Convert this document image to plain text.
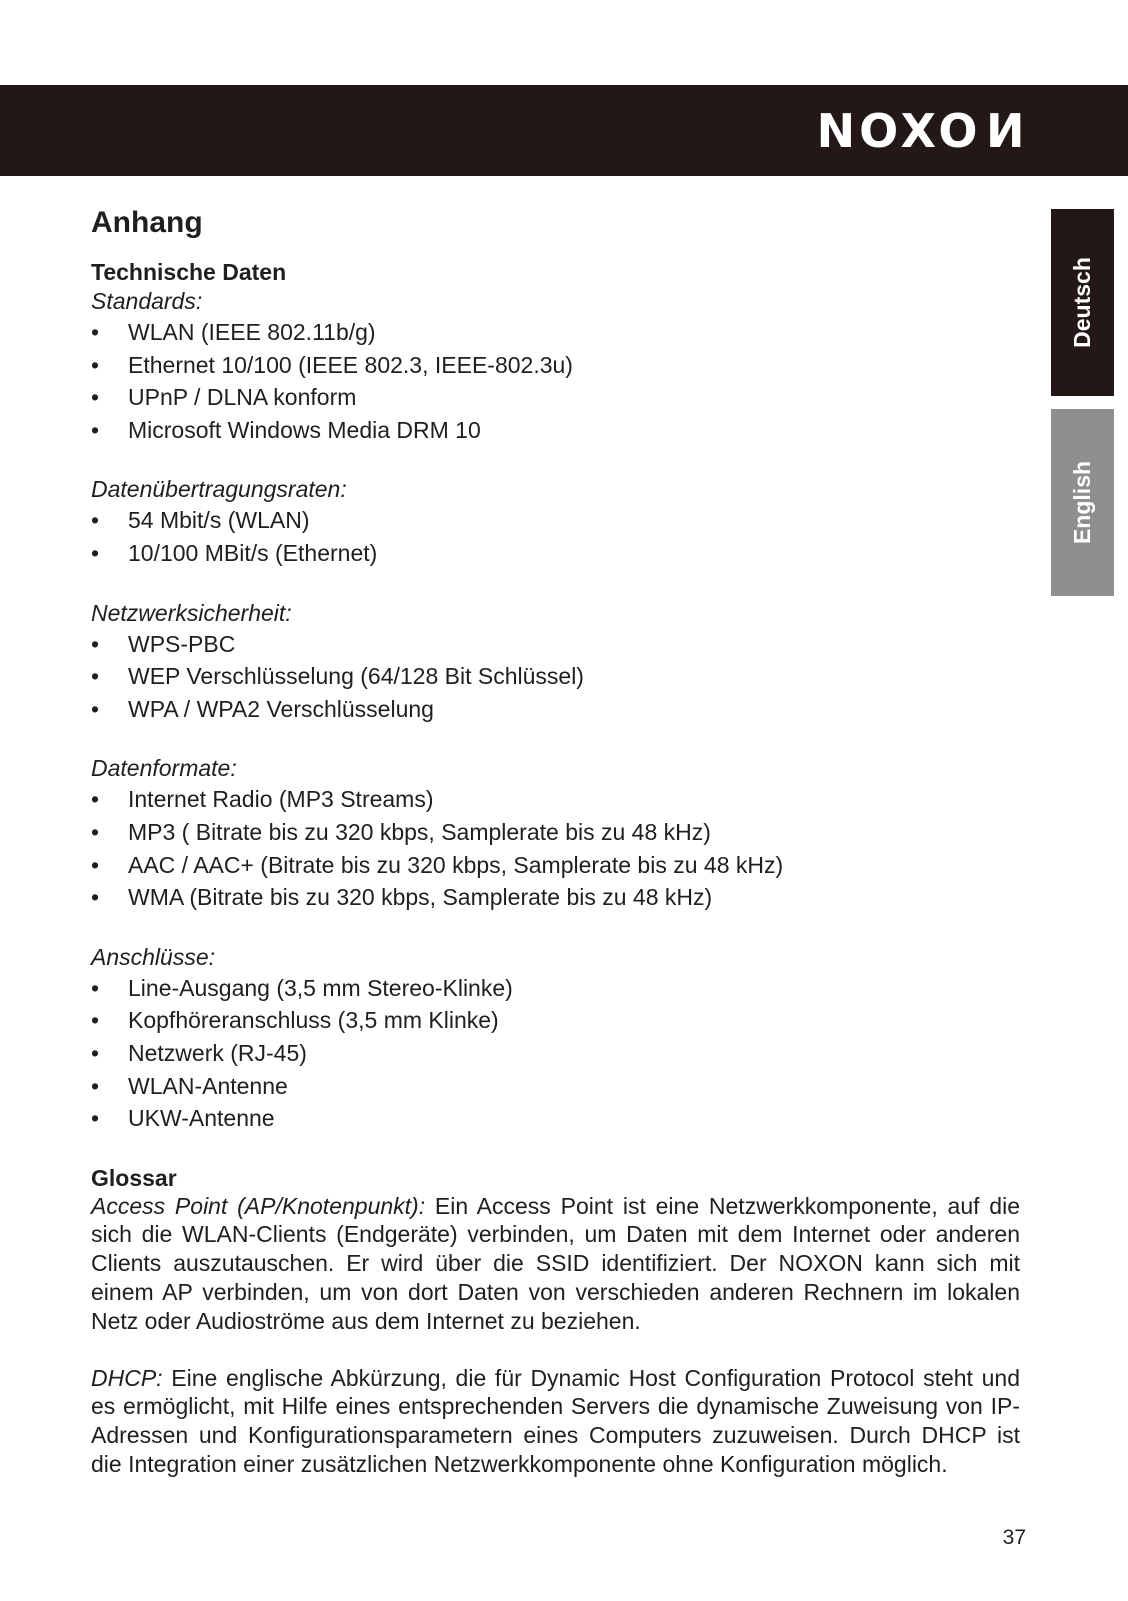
NOXON
Deutsch
English
Anhang
Technische Daten
Standards:
• WLAN (IEEE 802.11b/g)
• Ethernet 10/100 (IEEE 802.3, IEEE-802.3u)
• UPnP / DLNA konform
• Microsoft Windows Media DRM 10
Datenübertragungsraten:
• 54 Mbit/s (WLAN)
• 10/100 MBit/s (Ethernet)
Netzwerksicherheit:
• WPS-PBC
• WEP Verschlüsselung (64/128 Bit Schlüssel)
• WPA / WPA2 Verschlüsselung
Datenformate:
• Internet Radio (MP3 Streams)
• MP3 ( Bitrate bis zu 320 kbps, Samplerate bis zu 48 kHz)
• AAC / AAC+ (Bitrate bis zu 320 kbps, Samplerate bis zu 48 kHz)
• WMA (Bitrate bis zu 320 kbps, Samplerate bis zu 48 kHz)
Anschlüsse:
• Line-Ausgang (3,5 mm Stereo-Klinke)
• Kopfhöreranschluss (3,5 mm Klinke)
• Netzwerk (RJ-45)
• WLAN-Antenne
• UKW-Antenne
Glossar

Access Point (AP/Knotenpunkt): Ein Access Point ist eine Netzwerkkomponente, auf die sich die WLAN-Clients (Endgeräte) verbinden, um Daten mit dem Internet oder anderen Clients auszutauschen. Er wird über die SSID identifiziert. Der NOXON kann sich mit einem AP verbinden, um von dort Daten von verschieden anderen Rechnern im lokalen Netz oder Audioströme aus dem Internet zu beziehen.

DHCP: Eine englische Abkürzung, die für Dynamic Host Configuration Protocol steht und es ermöglicht, mit Hilfe eines entsprechenden Servers die dynamische Zuweisung von IP-Adressen und Konfigurationsparametern eines Computers zuzuweisen. Durch DHCP ist die Integration einer zusätzlichen Netzwerkkomponente ohne Konfiguration möglich.

37
